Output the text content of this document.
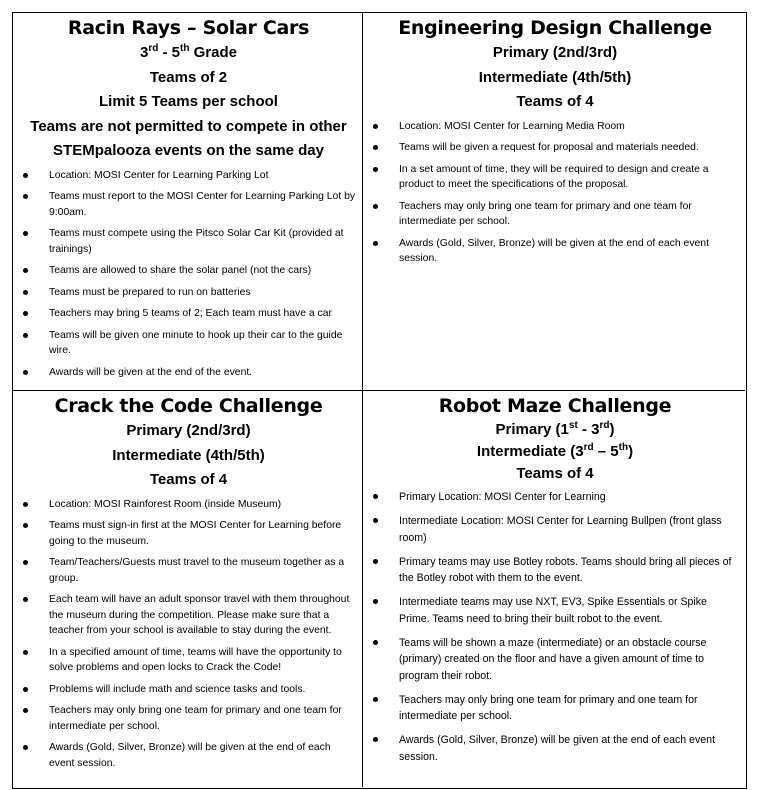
Racin Rays – Solar Cars

3rd - 5th Grade

Teams of 2

Limit 5 Teams per school

Teams are not permitted to compete in other

STEMpalooza events on the same day

Location: MOSI Center for Learning Parking Lot
Teams must report to the MOSI Center for Learning Parking Lot by 9:00am.
Teams must compete using the Pitsco Solar Car Kit (provided at trainings)
Teams are allowed to share the solar panel (not the cars)
Teams must be prepared to run on batteries
Teachers may bring 5 teams of 2; Each team must have a car
Teams will be given one minute to hook up their car to the guide wire.
Awards will be given at the end of the event.

Engineering Design Challenge

Primary (2nd/3rd)

Intermediate (4th/5th)

Teams of 4

Location: MOSI Center for Learning Media Room
Teams will be given a request for proposal and materials needed.
In a set amount of time, they will be required to design and create a product to meet the specifications of the proposal.
Teachers may only bring one team for primary and one team for intermediate per school.
Awards (Gold, Silver, Bronze) will be given at the end of each event session.

Crack the Code Challenge

Primary (2nd/3rd)

Intermediate (4th/5th)

Teams of 4

Location: MOSI Rainforest Room (inside Museum)
Teams must sign-in first at the MOSI Center for Learning before going to the museum.
Team/Teachers/Guests must travel to the museum together as a group.
Each team will have an adult sponsor travel with them throughout the museum during the competition. Please make sure that a teacher from your school is available to stay during the event.
In a specified amount of time, teams will have the opportunity to solve problems and open locks to Crack the Code!
Problems will include math and science tasks and tools.
Teachers may only bring one team for primary and one team for intermediate per school.
Awards (Gold, Silver, Bronze) will be given at the end of each event session.

Robot Maze Challenge

Primary (1st - 3rd)

Intermediate (3rd – 5th)

Teams of 4

Primary Location: MOSI Center for Learning
Intermediate Location: MOSI Center for Learning Bullpen (front glass room)
Primary teams may use Botley robots. Teams should bring all pieces of the Botley robot with them to the event.
Intermediate teams may use NXT, EV3, Spike Essentials or Spike Prime. Teams need to bring their built robot to the event.
Teams will be shown a maze (intermediate) or an obstacle course (primary) created on the floor and have a given amount of time to program their robot.
Teachers may only bring one team for primary and one team for intermediate per school.
Awards (Gold, Silver, Bronze) will be given at the end of each event session.
